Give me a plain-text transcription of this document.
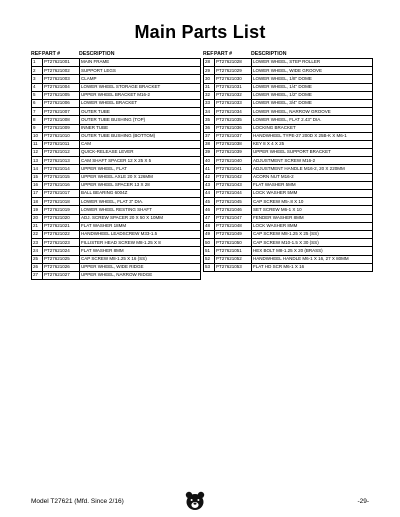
Main Parts List
REF PART #	DESCRIPTION
1	PT27621001	MAIN FRAME
2	PT27621002	SUPPORT LEGS
3	PT27621003	CLAMP
4	PT27621004	LOWER WHEEL STORAGE BRACKET
5	PT27621005	UPPER WHEEL BRACKET M16-2
6	PT27621006	LOWER WHEEL BRACKET
7	PT27621007	OUTER TUBE
8	PT27621008	OUTER TUBE BUSHING (TOP)
9	PT27621009	INNER TUBE
10	PT27621010	OUTER TUBE BUSHING (BOTTOM)
11	PT27621011	CAM
12	PT27621012	QUICK-RELEASE LEVER
13	PT27621013	CAM SHAFT SPACER 12 X 25 X 5
14	PT27621014	UPPER WHEEL, FLAT
15	PT27621015	UPPER WHEEL AXLE 20 X 126MM
16	PT27621016	UPPER WHEEL SPACER 13 X 28
17	PT27621017	BALL BEARING 6004Z
18	PT27621018	LOWER WHEEL, FLAT 3" DIA.
19	PT27621019	LOWER WHEEL RESTING SHAFT
20	PT27621020	ADJ. SCREW SPACER 20 X 50 X 10MM
21	PT27621021	FLAT WASHER 18MM
22	PT27621022	HANDWHEEL LEADSCREW M33-1.5
23	PT27621023	FILLISTER HEAD SCREW M8-1.25 X 8
24	PT27621024	FLAT WASHER 8MM
25	PT27621025	CAP SCREW M8-1.25 X 16 (SS)
26	PT27621026	UPPER WHEEL, WIDE RIDGE
27	PT27621027	UPPER WHEEL, NARROW RIDGE
REF PART #	DESCRIPTION
28	PT27621028	LOWER WHEEL, STEP ROLLER
29	PT27621029	LOWER WHEEL, WIDE GROOVE
30	PT27621030	LOWER WHEEL, 1/8" DOME
31	PT27621031	LOWER WHEEL, 1/4" DOME
32	PT27621032	LOWER WHEEL, 1/2" DOME
33	PT27621033	LOWER WHEEL, 3/4" DOME
34	PT27621034	LOWER WHEEL, NARROW GROOVE
35	PT27621035	LOWER WHEEL, FLAT 2.43" DIA.
36	PT27621036	LOCKING BRACKET
37	PT27621037	HANDWHEEL TYPE-27 200D X 25B-K X M6-1
38	PT27621038	KEY 8 X 4 X 25
39	PT27621039	UPPER WHEEL SUPPORT BRACKET
40	PT27621040	ADJUSTMENT SCREW M16-2
41	PT27621041	ADJUSTMENT HANDLE M16-2, 20 X 220MM
42	PT27621042	ACORN NUT M16-2
43	PT27621043	FLAT WASHER 5MM
44	PT27621044	LOCK WASHER 5MM
45	PT27621045	CAP SCREW M5-.8 X 10
46	PT27621046	SET SCREW M6-1 X 10
47	PT27621047	FENDER WASHER 8MM
48	PT27621048	LOCK WASHER 8MM
49	PT27621049	CAP SCREW M8-1.25 X 25 (SS)
50	PT27621050	CAP SCREW M10-1.5 X 30 (SS)
51	PT27621051	HEX BOLT M8-1.25 X 20 (BRASS)
52	PT27621052	HANDWHEEL HANDLE M6-1 X 16, 27 X 80MM
53	PT27621053	FLAT HD SCR M6-1 X 16
Model T27621 (Mfd. Since 2/16)	-29-
